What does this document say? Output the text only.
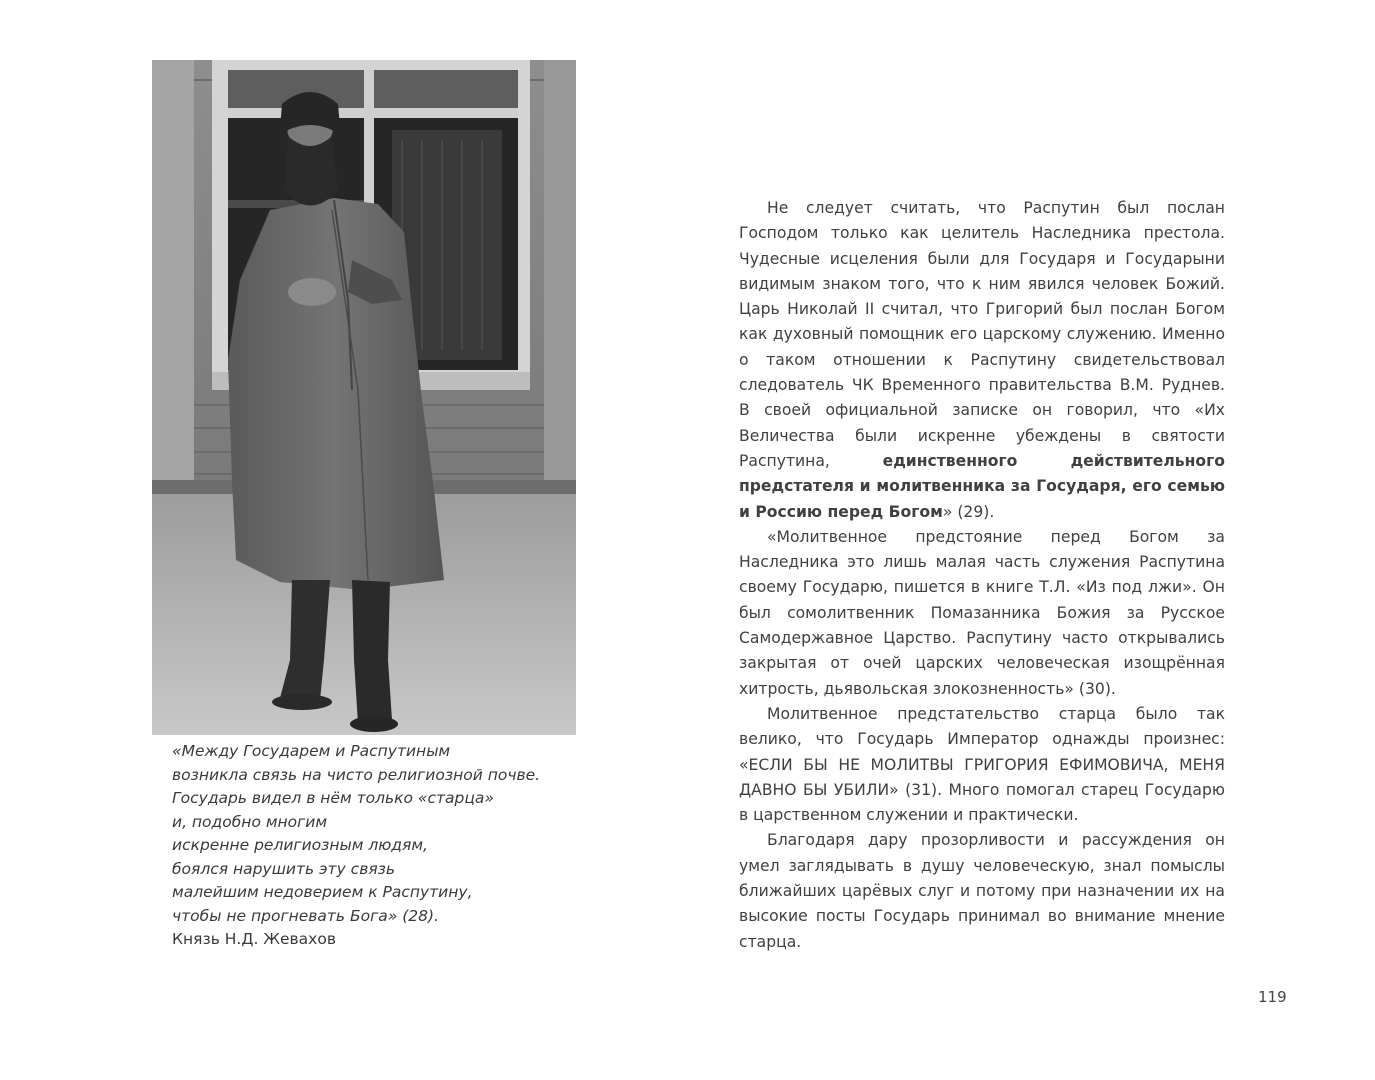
«Между Государем и Распутиным

возникла связь на чисто религиозной почве.

Государь видел в нём только «старца»

и, подобно многим

искренне религиозным людям,

боялся нарушить эту связь

малейшим недоверием к Распутину,

чтобы не прогневать Бога» (28).

Князь Н.Д. Жевахов

Не следует считать, что Распутин был послан Господом только как целитель Наследника престола. Чудесные исцеления были для Государя и Государыни видимым знаком того, что к ним явился человек Божий. Царь Николай II считал, что Григорий был послан Богом как духовный помощник его царскому служению. Именно о таком отношении к Распутину свидетельствовал следователь ЧК Временного правительства В.М. Руднев. В своей официальной записке он говорил, что «Их Величества были искренне убеждены в святости Распутина, единственного действительного предстателя и молитвенника за Государя, его семью и Россию перед Богом» (29).

«Молитвенное предстояние перед Богом за Наследника это лишь малая часть служения Распутина своему Государю, пишется в книге Т.Л. «Из под лжи». Он был сомолитвенник Помазанника Божия за Русское Самодержавное Царство. Распутину часто открывались закрытая от очей царских человеческая изощрённая хитрость, дьявольская злокозненность» (30).

Молитвенное предстательство старца было так велико, что Государь Император однажды произнес: «ЕСЛИ БЫ НЕ МОЛИТВЫ ГРИГОРИЯ ЕФИМОВИЧА, МЕНЯ ДАВНО БЫ УБИЛИ» (31). Много помогал старец Государю в царственном служении и практически.

Благодаря дару прозорливости и рассуждения он умел заглядывать в душу человеческую, знал помыслы ближайших царёвых слуг и потому при назначении их на высокие посты Государь принимал во внимание мнение старца.

119
